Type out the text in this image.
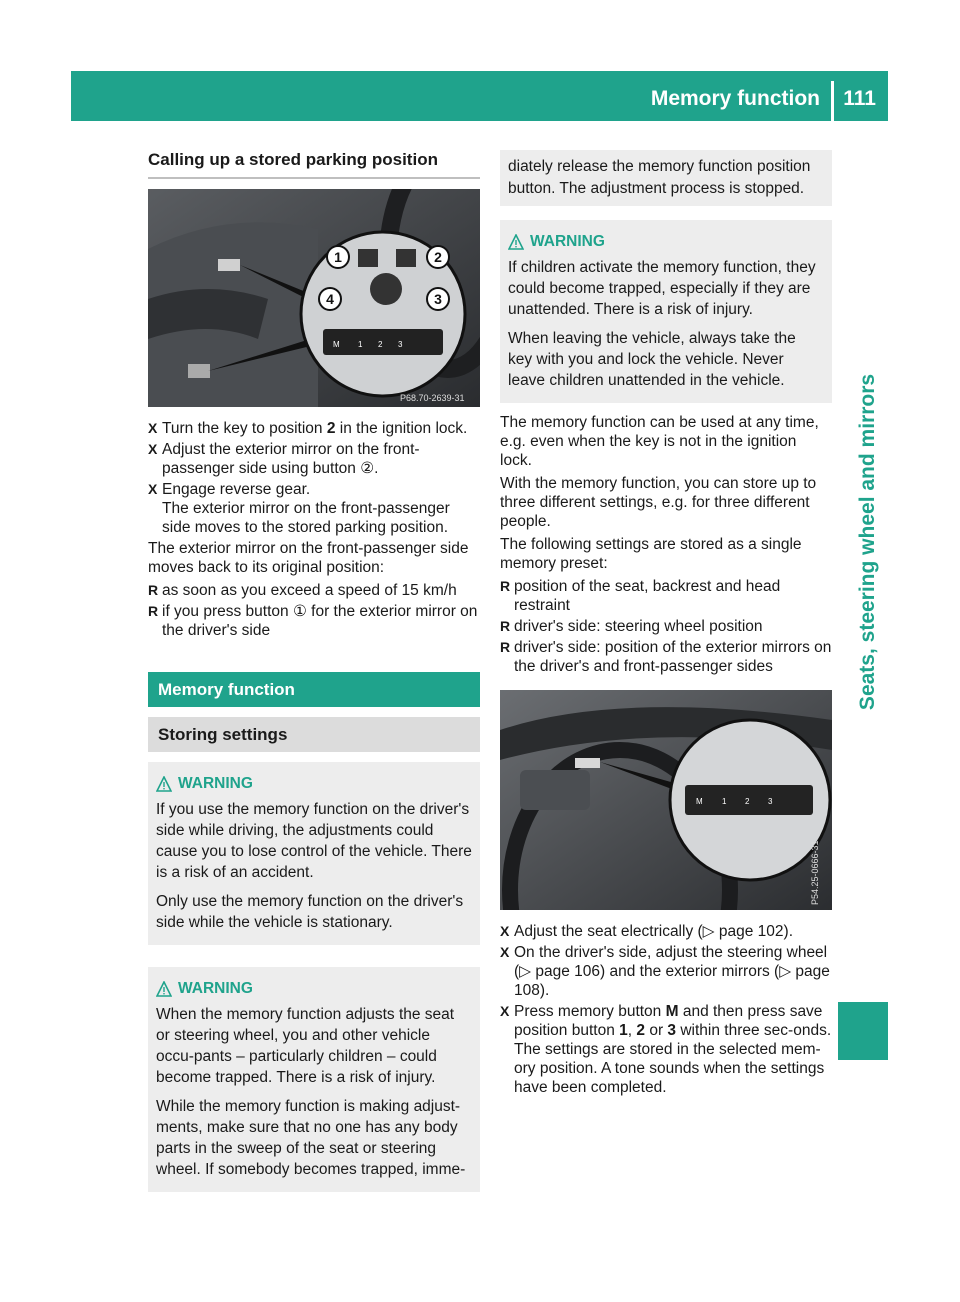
Memory function 111
Seats, steering wheel and mirrors
Calling up a stored parking position
M 1 2 3
1	2
3
4
P68.70-2639-31
X Turn the key to position 2 in the ignition lock.
X Adjust the exterior mirror on the front-passenger side using button ②.
X Engage reverse gear.
The exterior mirror on the front-passenger side moves to the stored parking position.
The exterior mirror on the front-passenger side moves back to its original position:
R as soon as you exceed a speed of 15 km/h
R if you press button ① for the exterior mirror on the driver's side
Memory function
Storing settings
WARNING
If you use the memory function on the driver's side while driving, the adjustments could cause you to lose control of the vehicle. There is a risk of an accident.
Only use the memory function on the driver's side while the vehicle is stationary.
WARNING
When the memory function adjusts the seat or steering wheel, you and other vehicle occu-pants – particularly children – could become trapped. There is a risk of injury.
While the memory function is making adjust-ments, make sure that no one has any body parts in the sweep of the seat or steering wheel. If somebody becomes trapped, imme-
diately release the memory function position button. The adjustment process is stopped.
WARNING
If children activate the memory function, they could become trapped, especially if they are unattended. There is a risk of injury.
When leaving the vehicle, always take the key with you and lock the vehicle. Never leave children unattended in the vehicle.
The memory function can be used at any time, e.g. even when the key is not in the ignition lock.
With the memory function, you can store up to three different settings, e.g. for three different people.
The following settings are stored as a single memory preset:
R position of the seat, backrest and head restraint
R driver's side: steering wheel position
R driver's side: position of the exterior mirrors on the driver's and front-passenger sides
M 1 2 3
P54.25-0666-31
X Adjust the seat electrically (▷ page 102).
X On the driver's side, adjust the steering wheel (▷ page 106) and the exterior mirrors (▷ page 108).
X Press memory button M and then press save position button 1, 2 or 3 within three sec-onds.
The settings are stored in the selected mem-ory position. A tone sounds when the settings have been completed.
